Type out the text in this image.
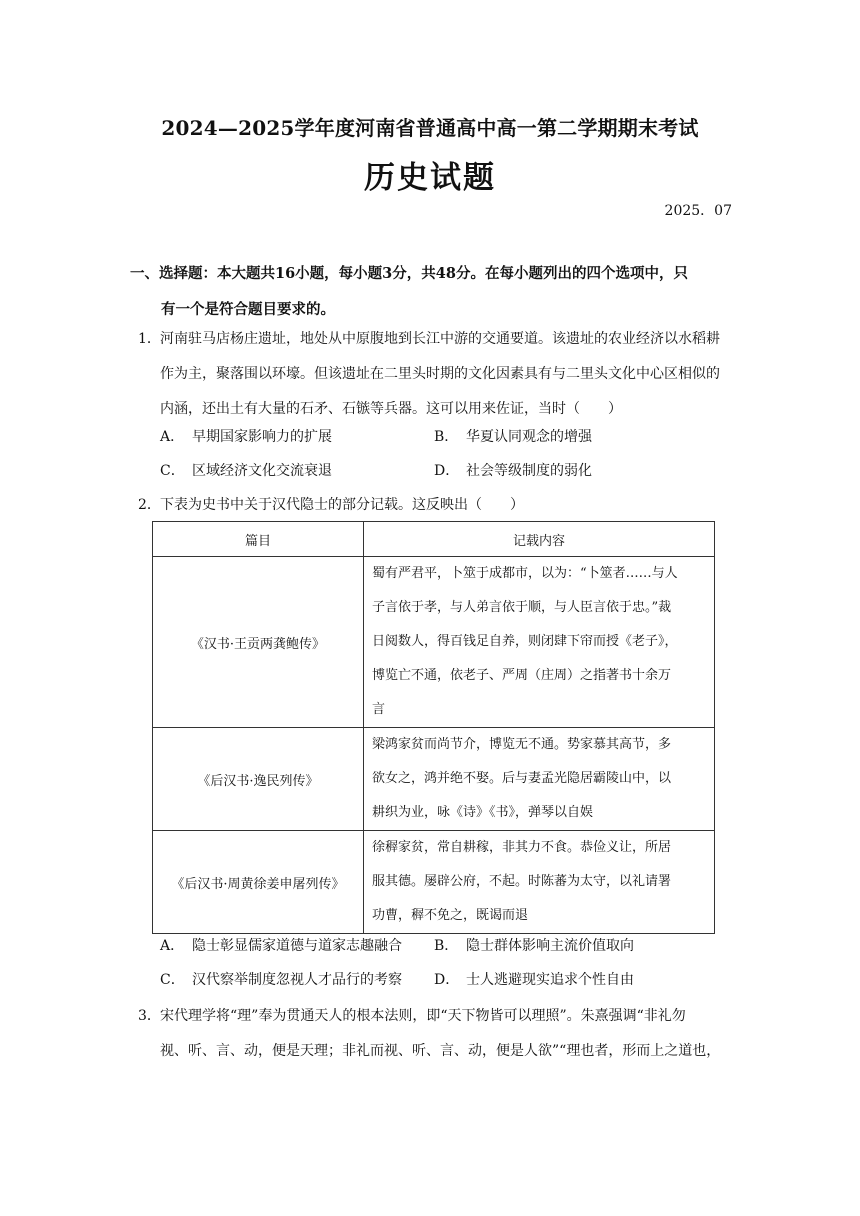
2024—2025学年度河南省普通高中高一第二学期期末考试
历史试题
2025．07
一、选择题：本大题共16小题，每小题3分，共48分。在每小题列出的四个选项中，只
有一个是符合题目要求的。
1．河南驻马店杨庄遗址，地处从中原腹地到长江中游的交通要道。该遗址的农业经济以水稻耕
作为主，聚落围以环壕。但该遗址在二里头时期的文化因素具有与二里头文化中心区相似的
内涵，还出土有大量的石矛、石镞等兵器。这可以用来佐证，当时（　　）
A． 早期国家影响力的扩展	B． 华夏认同观念的增强
C． 区域经济文化交流衰退	D． 社会等级制度的弱化
2．下表为史书中关于汉代隐士的部分记载。这反映出（　　）
篇目	记载内容
《汉书·王贡两龚鲍传》	蜀有严君平，卜筮于成都市，以为：“卜筮者……与人
子言依于孝，与人弟言依于顺，与人臣言依于忠。”裁
日阅数人，得百钱足自养，则闭肆下帘而授《老子》，
博览亡不通，依老子、严周（庄周）之指著书十余万
言

《后汉书·逸民列传》	梁鸿家贫而尚节介，博览无不通。势家慕其高节，多
欲女之，鸿并绝不娶。后与妻孟光隐居霸陵山中，以
耕织为业，咏《诗》《书》，弹琴以自娱

《后汉书·周黄徐姜申屠列传》	徐稺家贫，常自耕稼，非其力不食。恭俭义让，所居
服其德。屡辟公府，不起。时陈蕃为太守，以礼请署
功曹，稺不免之，既谒而退
A． 隐士彰显儒家道德与道家志趣融合 B． 隐士群体影响主流价值取向
C． 汉代察举制度忽视人才品行的考察 D． 士人逃避现实追求个性自由
3．宋代理学将“理”奉为贯通天人的根本法则，即“天下物皆可以理照”。朱熹强调“非礼勿
视、听、言、动，便是天理；非礼而视、听、言、动，便是人欲”“理也者，形而上之道也，
